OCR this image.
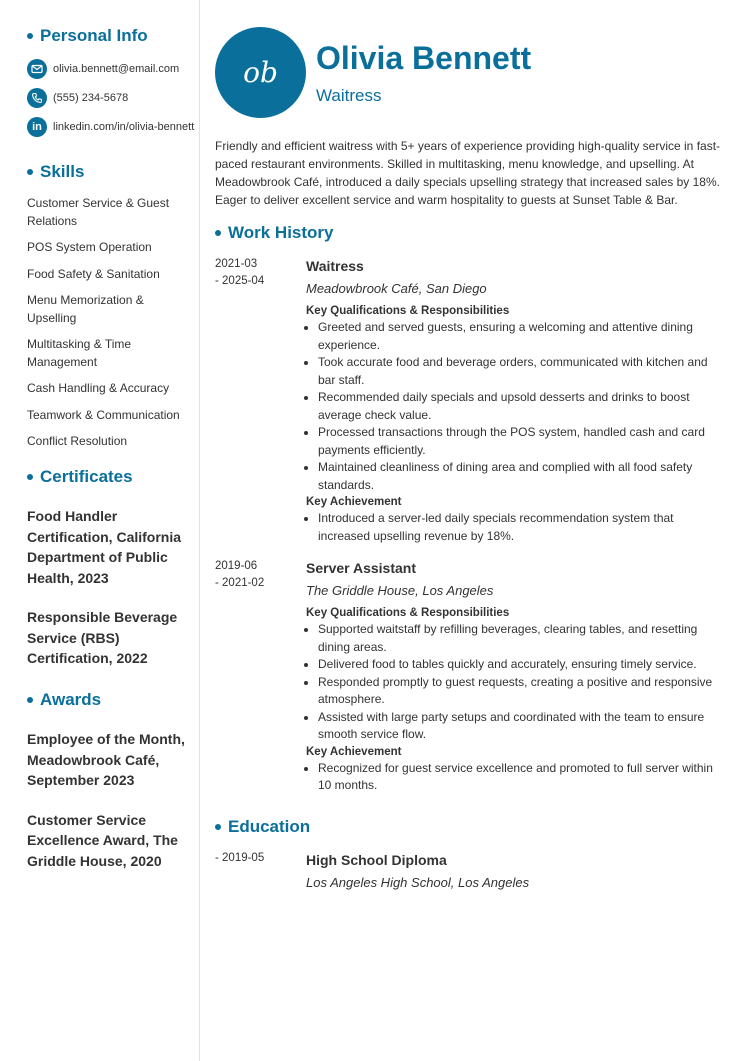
Personal Info
olivia.bennett@email.com
(555) 234-5678
in linkedin.com/in/olivia-bennett
Skills
Customer Service & Guest Relations
POS System Operation
Food Safety & Sanitation
Menu Memorization & Upselling
Multitasking & Time Management
Cash Handling & Accuracy
Teamwork & Communication
Conflict Resolution
Certificates
Food Handler Certification, California Department of Public Health, 2023
Responsible Beverage Service (RBS) Certification, 2022
Awards
Employee of the Month, Meadowbrook Café, September 2023
Customer Service Excellence Award, The Griddle House, 2020
ob Olivia Bennett
Waitress
Friendly and efficient waitress with 5+ years of experience providing high-quality service in fast-paced restaurant environments. Skilled in multitasking, menu knowledge, and upselling. At Meadowbrook Café, introduced a daily specials upselling strategy that increased sales by 18%. Eager to deliver excellent service and warm hospitality to guests at Sunset Table & Bar.
Work History
2021-03
- 2025-04
Waitress
Meadowbrook Café, San Diego
Key Qualifications & Responsibilities
• Greeted and served guests, ensuring a welcoming and attentive dining experience.
• Took accurate food and beverage orders, communicated with kitchen and bar staff.
• Recommended daily specials and upsold desserts and drinks to boost average check value.
• Processed transactions through the POS system, handled cash and card payments efficiently.
• Maintained cleanliness of dining area and complied with all food safety standards.
Key Achievement
• Introduced a server-led daily specials recommendation system that increased upselling revenue by 18%.
2019-06
- 2021-02
Server Assistant
The Griddle House, Los Angeles
Key Qualifications & Responsibilities
• Supported waitstaff by refilling beverages, clearing tables, and resetting dining areas.
• Delivered food to tables quickly and accurately, ensuring timely service.
• Responded promptly to guest requests, creating a positive and responsive atmosphere.
• Assisted with large party setups and coordinated with the team to ensure smooth service flow.
Key Achievement
• Recognized for guest service excellence and promoted to full server within 10 months.
Education
- 2019-05	High School Diploma
Los Angeles High School, Los Angeles
